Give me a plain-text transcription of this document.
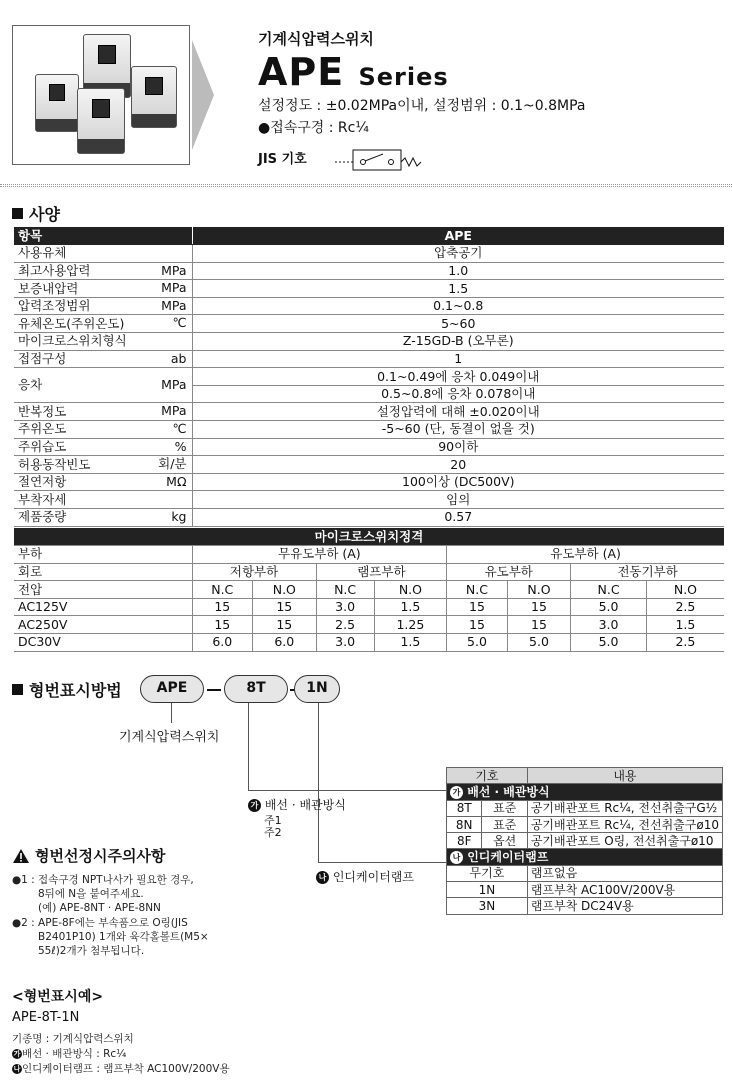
기계식압력스위치
APE Series
설정정도 : ±0.02MPa이내, 설정범위 : 0.1~0.8MPa
●접속구경 : Rc¼
JIS 기호
사양
항목	APE
사용유체	압축공기
최고사용압력 MPa	1.0
보증내압력 MPa	1.5
압력조정범위 MPa	0.1~0.8
유체온도(주위온도) ℃	5~60
마이크로스위치형식	Z-15GD-B (오무론)
접점구성 ab	1
응차 MPa	0.1~0.49에 응차 0.049이내
	0.5~0.8에 응차 0.078이내
반복정도 MPa	설정압력에 대해 ±0.020이내
주위온도 ℃	-5~60 (단, 동결이 없을 것)
주위습도 %	90이하
허용동작빈도 회/분	20
절연저항 MΩ	100이상 (DC500V)
부착자세	임의
제품중량 kg	0.57
마이크로스위치정격								
부하	무유도부하 (A)				유도부하 (A)			
회로	저항부하		램프부하		유도부하		전동기부하	
전압	N.C	N.O	N.C	N.O	N.C	N.O	N.C	N.O
AC125V	15	15	3.0	1.5	15	15	5.0	2.5
AC250V	15	15	2.5	1.25	15	15	3.0	1.5
DC30V	6.0	6.0	3.0	1.5	5.0	5.0	5.0	2.5
형번표시방법	APE	8T	1N
기계식압력스위치
가 배선 · 배관방식
주1
주2
나 인디케이터램프
기호		내용
가 배선 · 배관방식		
8T	표준	공기배관포트 Rc¼, 전선취출구G½
8N	표준	공기배관포트 Rc¼, 전선취출구ø10
8F	옵션	공기배관포트 O링, 전선취출구ø10
나 인디케이터램프		
무기호		램프없음
1N		램프부착 AC100V/200V용
3N		램프부착 DC24V용
형번선정시주의사항
●1 : 접속구경 NPT나사가 필요한 경우,
8뒤에 N을 붙여주세요.
(예) APE-8NT · APE-8NN
●2 : APE-8F에는 부속품으로 O링(JIS
B2401P10) 1개와 육각홀볼트(M5×
55ℓ)2개가 첨부됩니다.
<형번표시예>
APE-8T-1N
기종명 : 기계식압력스위치
가 배선 · 배관방식 : Rc¼
나 인디케이터램프 : 램프부착 AC100V/200V용
